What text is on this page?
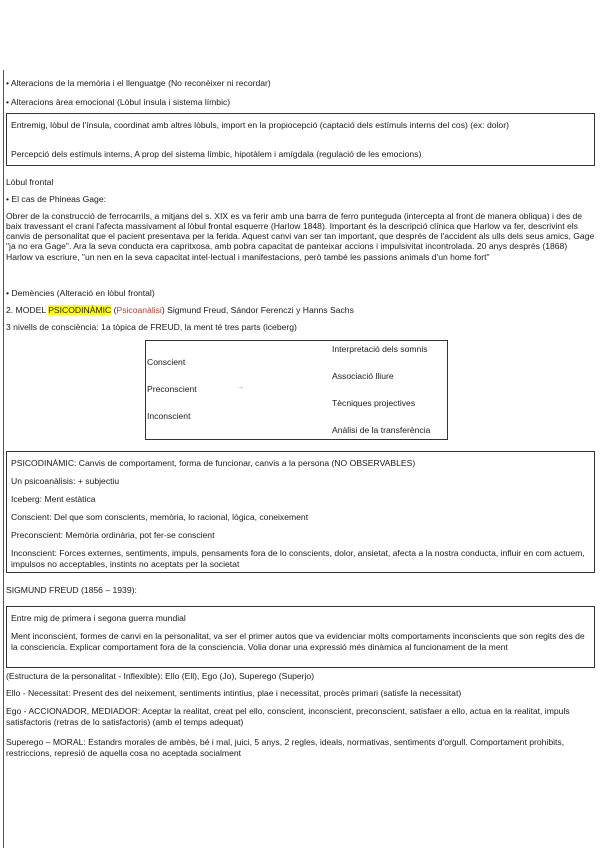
• Alteracions de la memòria i el llenguatge (No reconèixer ni recordar)

• Alteracions àrea emocional (Lòbul ínsula i sistema límbic)

Entremig, lòbul de l'ínsula, coordinat amb altres lòbuls, import en la propiocepció (captació dels estímuls interns del cos) (ex: dolor)

Percepció dels estímuls interns, A prop del sistema límbic, hipotàlem i amígdala (regulació de les emocions)

Lòbul frontal

• El cas de Phineas Gage:

Obrer de la construcció de ferrocarrils, a mitjans del s. XIX es va ferir amb una barra de ferro punteguda (intercepta al front de manera obliqua) i des de baix travessant el crani l'afecta massivament al lòbul frontal esquerre (Harlow 1848). Important és la descripció clínica que Harlow va fer, descrivint els canvis de personalitat que el pacient presentava per la ferida. Aquest canvi van ser tan important, que després de l'accident als ulls dels seus amics, Gage "ja no era Gage". Ara la seva conducta era capritxosa, amb pobra capacitat de panteixar accions i impulsivitat incontrolada. 20 anys després (1868) Harlow va escriure, "un nen en la seva capacitat intel·lectual i manifestacions, però també les passions animals d'un home fort"

• Demències (Alteració en lòbul frontal)

2. MODEL PSICODINÀMIC (Psicoanàlisi) Sigmund Freud, Sándor Ferenczi y Hanns Sachs

3 nivells de consciència: 1a tòpica de FREUD, la ment té tres parts (iceberg)

Conscient

Preconscient	→

Inconscient

Interpretació dels somnis

Associació lliure

Tècniques projectives

Anàlisi de la transferència

PSICODINÀMIC: Canvis de comportament, forma de funcionar, canvis a la persona (NO OBSERVABLES)

Un psicoanàlisis: + subjectiu

Iceberg: Ment estàtica

Conscient: Del que som conscients, memòria, lo racional, lògica, coneixement

Preconscient: Memòria ordinària, pot fer-se conscient

Inconscient: Forces externes, sentiments, impuls, pensaments fora de lo conscients, dolor, ansietat, afecta a la nostra conducta, influir en com actuem, impulsos no acceptables, instints no aceptats per la societat

SIGMUND FREUD (1856 – 1939):

Entre mig de primera i segona guerra mundial

Ment inconscient, formes de canvi en la personalitat, va ser el primer autos que va evidenciar molts comportaments inconscients que son regits des de la consciencia. Explicar comportament fora de la consciencia. Volia donar una expressió més dinàmica al funcionament de la ment

(Estructura de la personalitat - Inflexible): Ello (Ell), Ego (Jo), Superego (Superjo)

Ello - Necessitat: Present des del neixement, sentiments intintius, plae i necessitat, procès primari (satisfe la necessitat)

Ego - ACCIONADOR, MEDIADOR: Aceptar la realitat, creat pel ello, conscient, inconscient, preconscient, satisfaer a ello, actua en la realitat, impuls satisfactoris (retras de lo satisfactoris) (amb el temps adequat)

Superego – MORAL: Estandrs morales de ambès, bé i mal, juici, 5 anys, 2 regles, ideals, normativas, sentiments d'orgull. Comportament prohibits, restriccions, represió de aquella cosa no aceptada socialment
